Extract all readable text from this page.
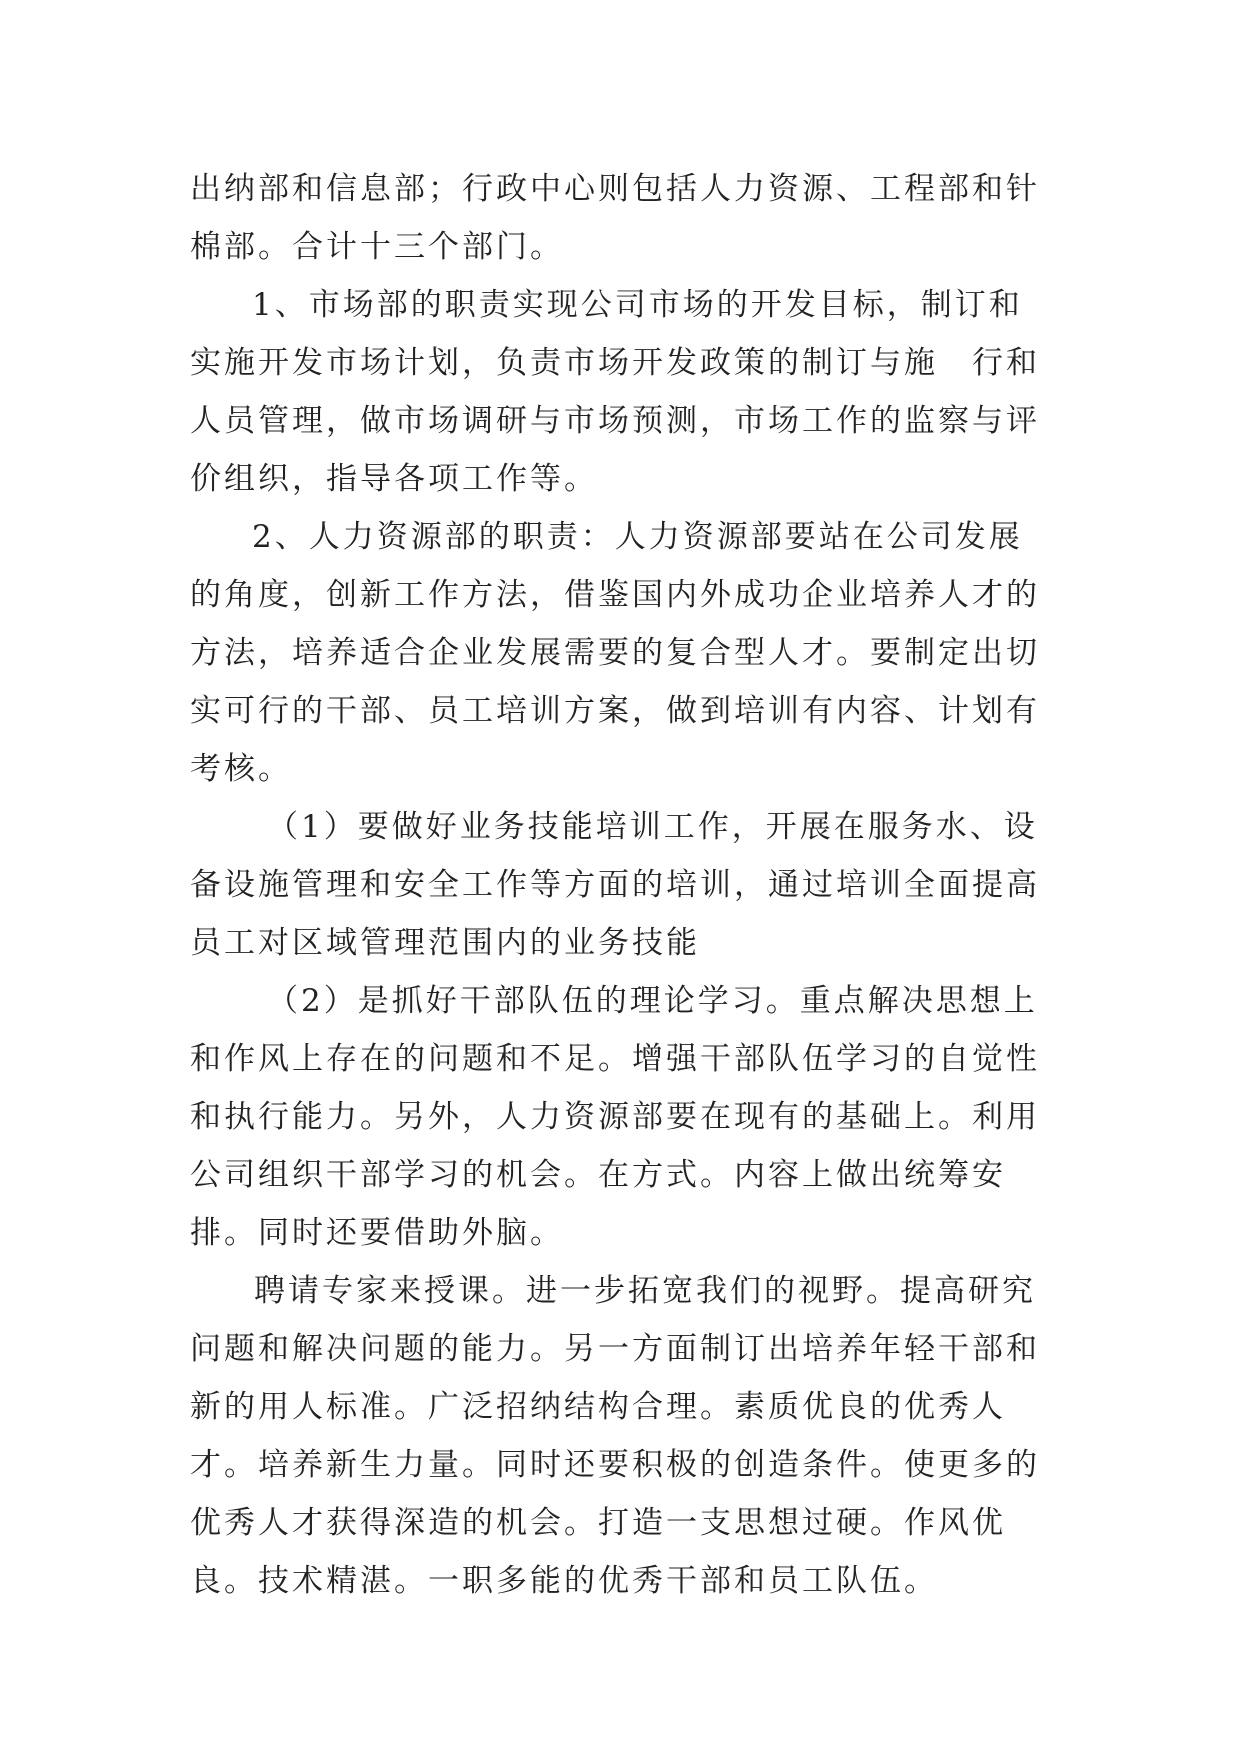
出纳部和信息部；行政中心则包括人力资源、工程部和针棉部。合计十三个部门。

1、市场部的职责实现公司市场的开发目标，制订和实施开发市场计划，负责市场开发政策的制订与施　行和人员管理，做市场调研与市场预测，市场工作的监察与评价组织，指导各项工作等。

2、人力资源部的职责：人力资源部要站在公司发展的角度，创新工作方法，借鉴国内外成功企业培养人才的方法，培养适合企业发展需要的复合型人才。要制定出切实可行的干部、员工培训方案，做到培训有内容、计划有考核。

（1）要做好业务技能培训工作，开展在服务水、设备设施管理和安全工作等方面的培训，通过培训全面提高员工对区域管理范围内的业务技能

（2）是抓好干部队伍的理论学习。重点解决思想上和作风上存在的问题和不足。增强干部队伍学习的自觉性和执行能力。另外，人力资源部要在现有的基础上。利用公司组织干部学习的机会。在方式。内容上做出统筹安排。同时还要借助外脑。

聘请专家来授课。进一步拓宽我们的视野。提高研究问题和解决问题的能力。另一方面制订出培养年轻干部和新的用人标准。广泛招纳结构合理。素质优良的优秀人才。培养新生力量。同时还要积极的创造条件。使更多的优秀人才获得深造的机会。打造一支思想过硬。作风优良。技术精湛。一职多能的优秀干部和员工队伍。
